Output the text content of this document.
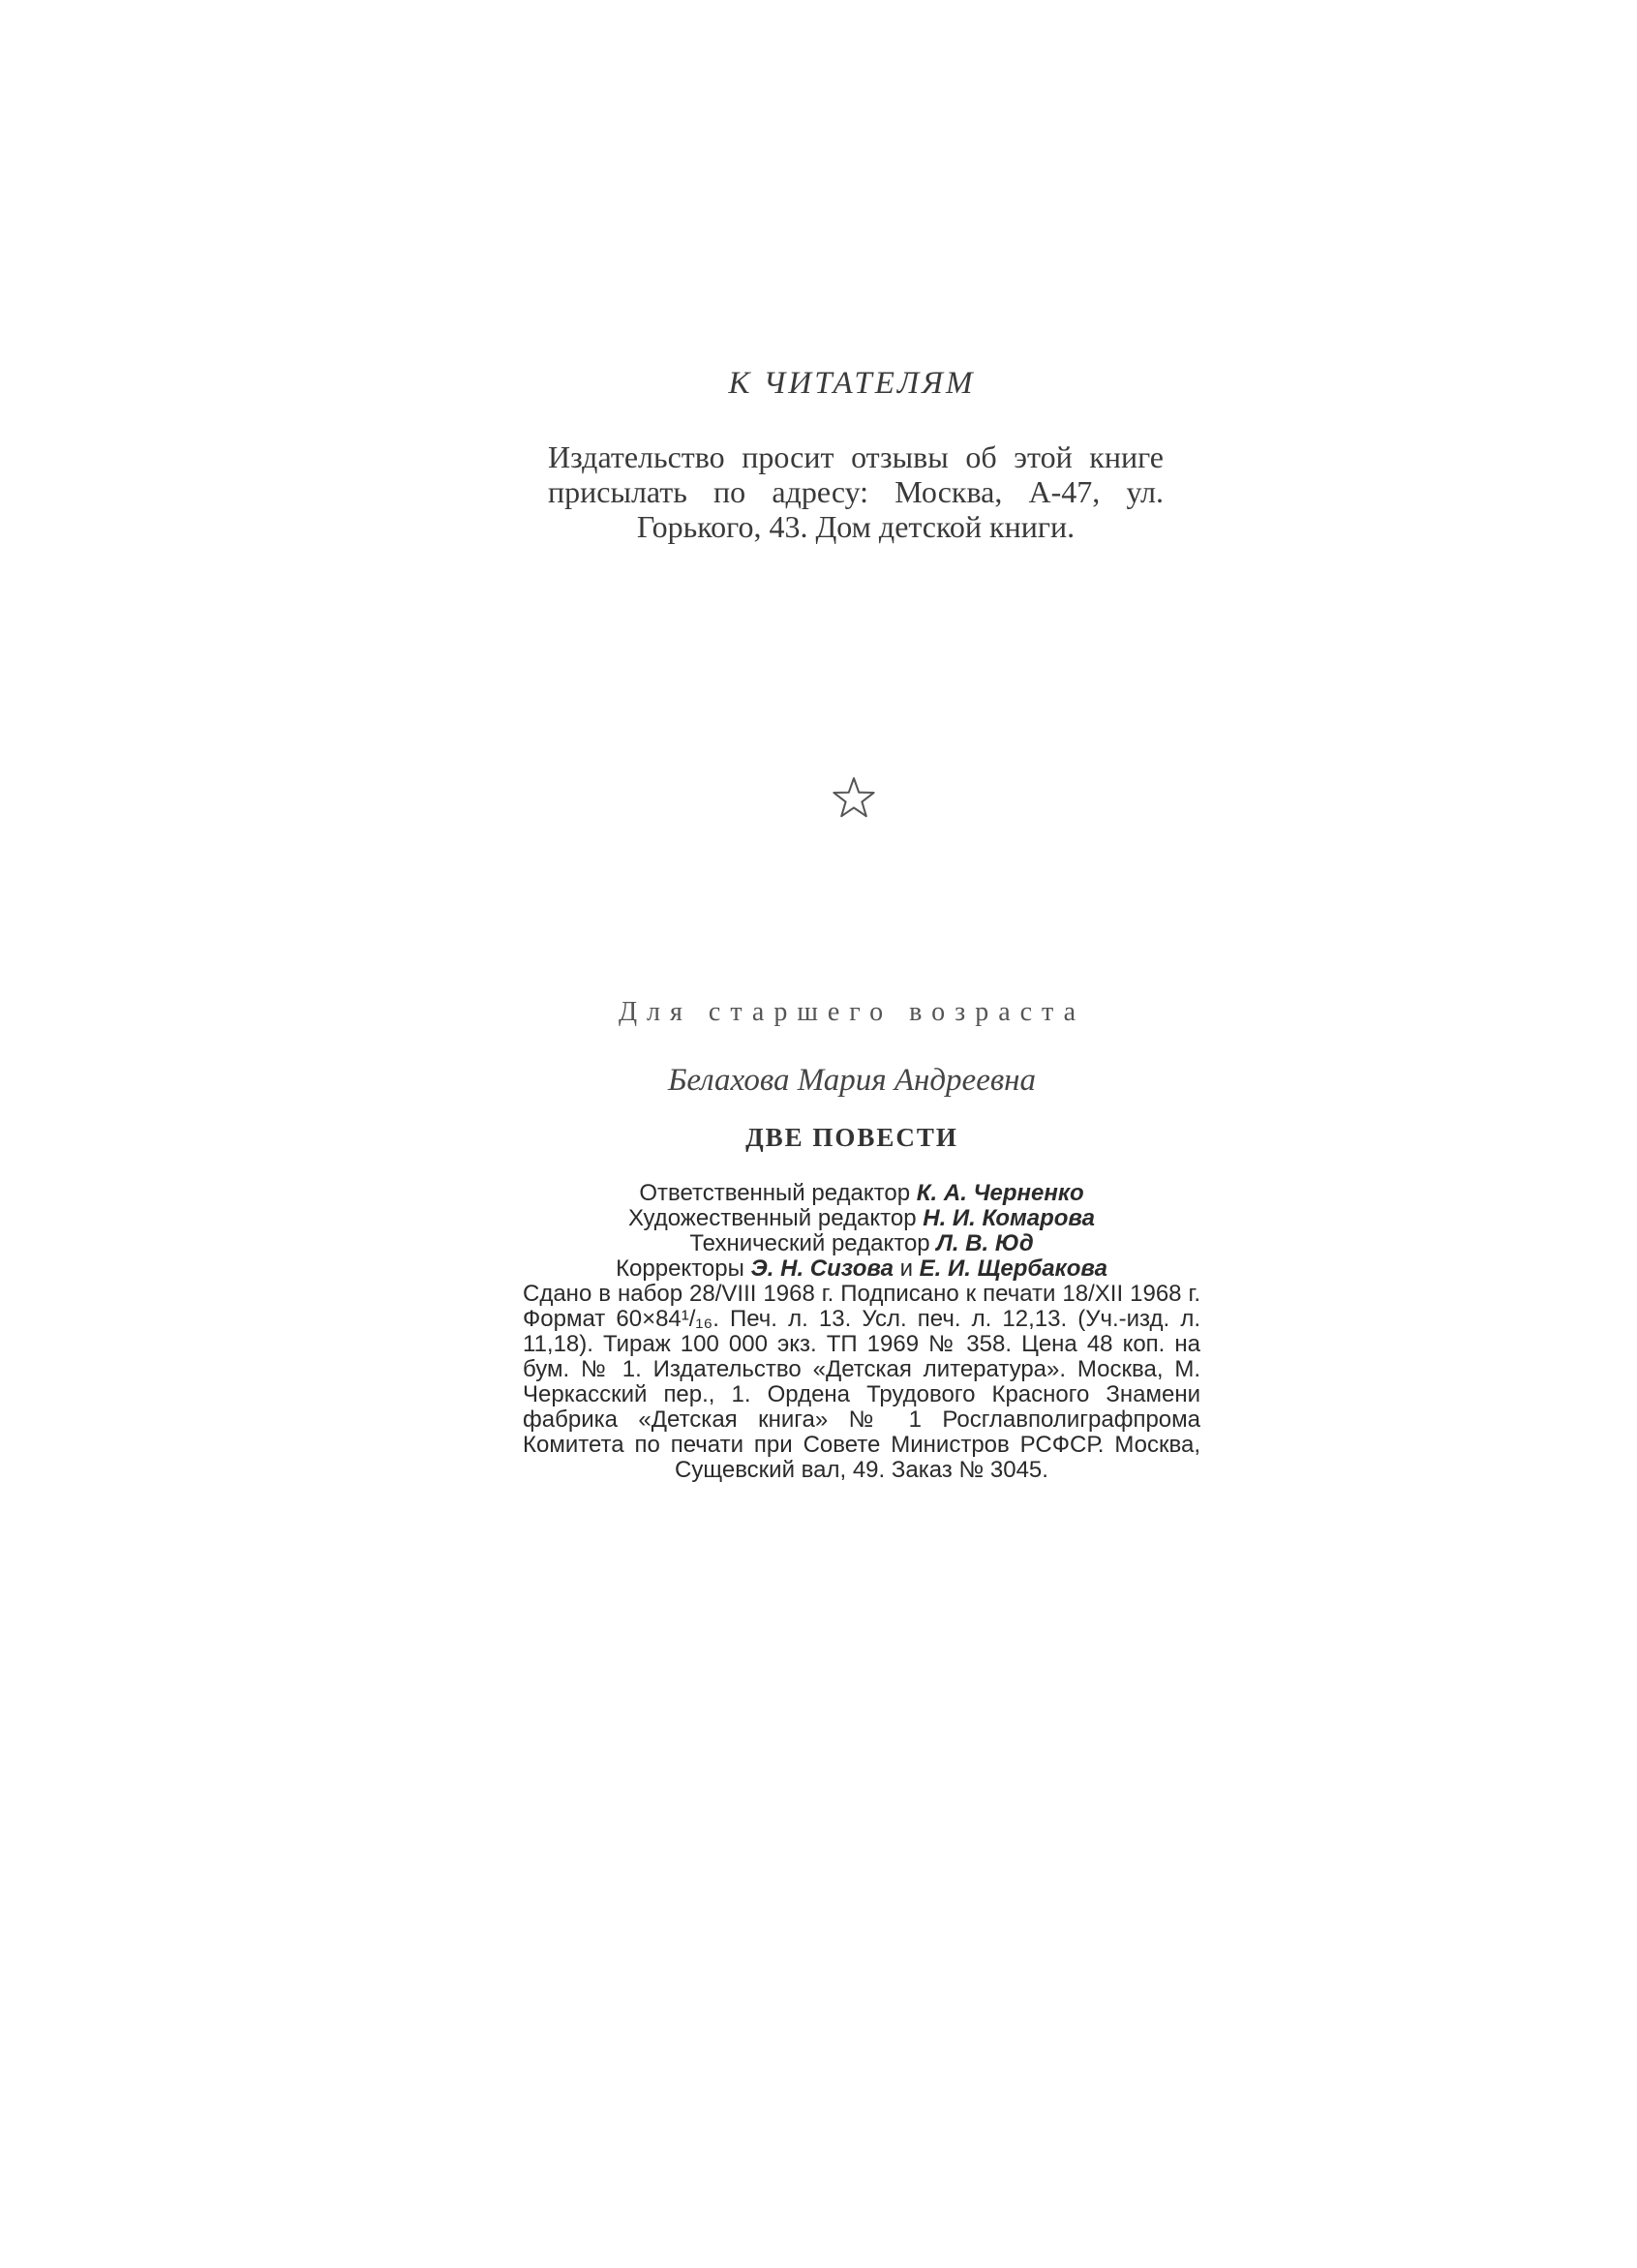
К ЧИТАТЕЛЯМ
Издательство просит отзывы об этой книге присылать по адресу: Москва, А-47, ул. Горького, 43. Дом детской книги.
Для старшего возраста
Белахова Мария Андреевна
ДВЕ ПОВЕСТИ
Ответственный редактор К. А. Черненко
Художественный редактор Н. И. Комарова
Технический редактор Л. В. Юд
Корректоры Э. Н. Сизова и Е. И. Щербакова
Сдано в набор 28/VIII 1968 г. Подписано к печати 18/XII 1968 г. Формат 60×84¹/₁₆. Печ. л. 13. Усл. печ. л. 12,13. (Уч.-изд. л. 11,18). Тираж 100 000 экз. ТП 1969 № 358. Цена 48 коп. на бум. № 1. Издательство «Детская литература». Москва, М. Черкасский пер., 1. Ордена Трудового Красного Знамени фабрика «Детская книга» № 1 Росглавполиграфпрома Комитета по печати при Совете Министров РСФСР. Москва, Сущевский вал, 49. Заказ № 3045.
